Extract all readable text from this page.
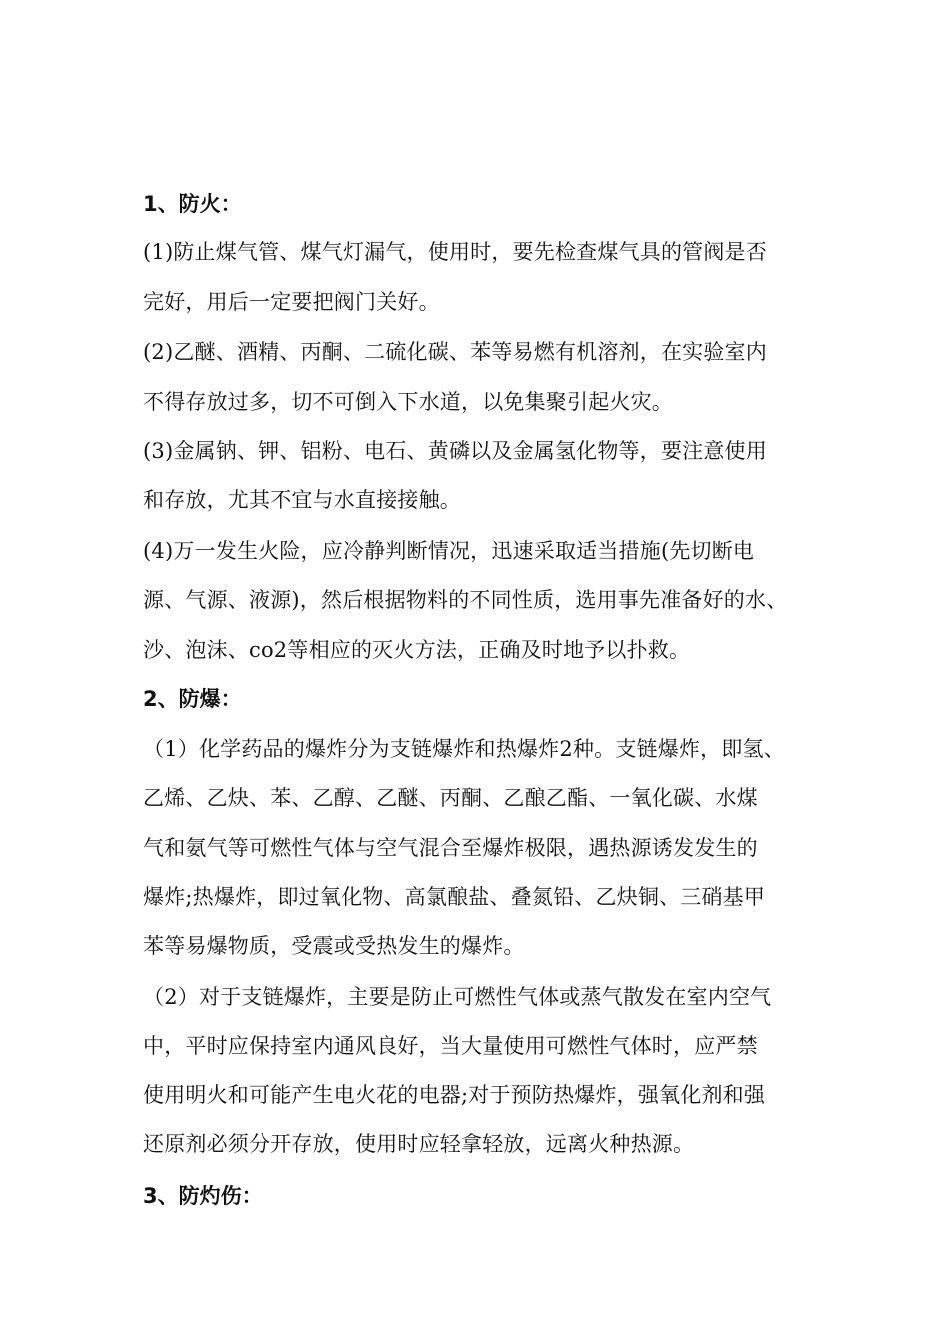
1、防火：
(1)防止煤气管、煤气灯漏气，使用时，要先检查煤气具的管阀是否
完好，用后一定要把阀门关好。
(2)乙醚、酒精、丙酮、二硫化碳、苯等易燃有机溶剂，在实验室内
不得存放过多，切不可倒入下水道，以免集聚引起火灾。
(3)金属钠、钾、铝粉、电石、黄磷以及金属氢化物等，要注意使用
和存放，尤其不宜与水直接接触。
(4)万一发生火险，应冷静判断情况，迅速采取适当措施(先切断电
源、气源、液源)，然后根据物料的不同性质，选用事先准备好的水、
沙、泡沫、co2等相应的灭火方法，正确及时地予以扑救。
2、防爆：
（1）化学药品的爆炸分为支链爆炸和热爆炸2种。支链爆炸，即氢、
乙烯、乙炔、苯、乙醇、乙醚、丙酮、乙酿乙酯、一氧化碳、水煤
气和氨气等可燃性气体与空气混合至爆炸极限，遇热源诱发发生的
爆炸;热爆炸，即过氧化物、高氯酿盐、叠氮铅、乙炔铜、三硝基甲
苯等易爆物质，受震或受热发生的爆炸。
（2）对于支链爆炸，主要是防止可燃性气体或蒸气散发在室内空气
中，平时应保持室内通风良好，当大量使用可燃性气体时，应严禁
使用明火和可能产生电火花的电器;对于预防热爆炸，强氧化剂和强
还原剂必须分开存放，使用时应轻拿轻放，远离火种热源。
3、防灼伤：
